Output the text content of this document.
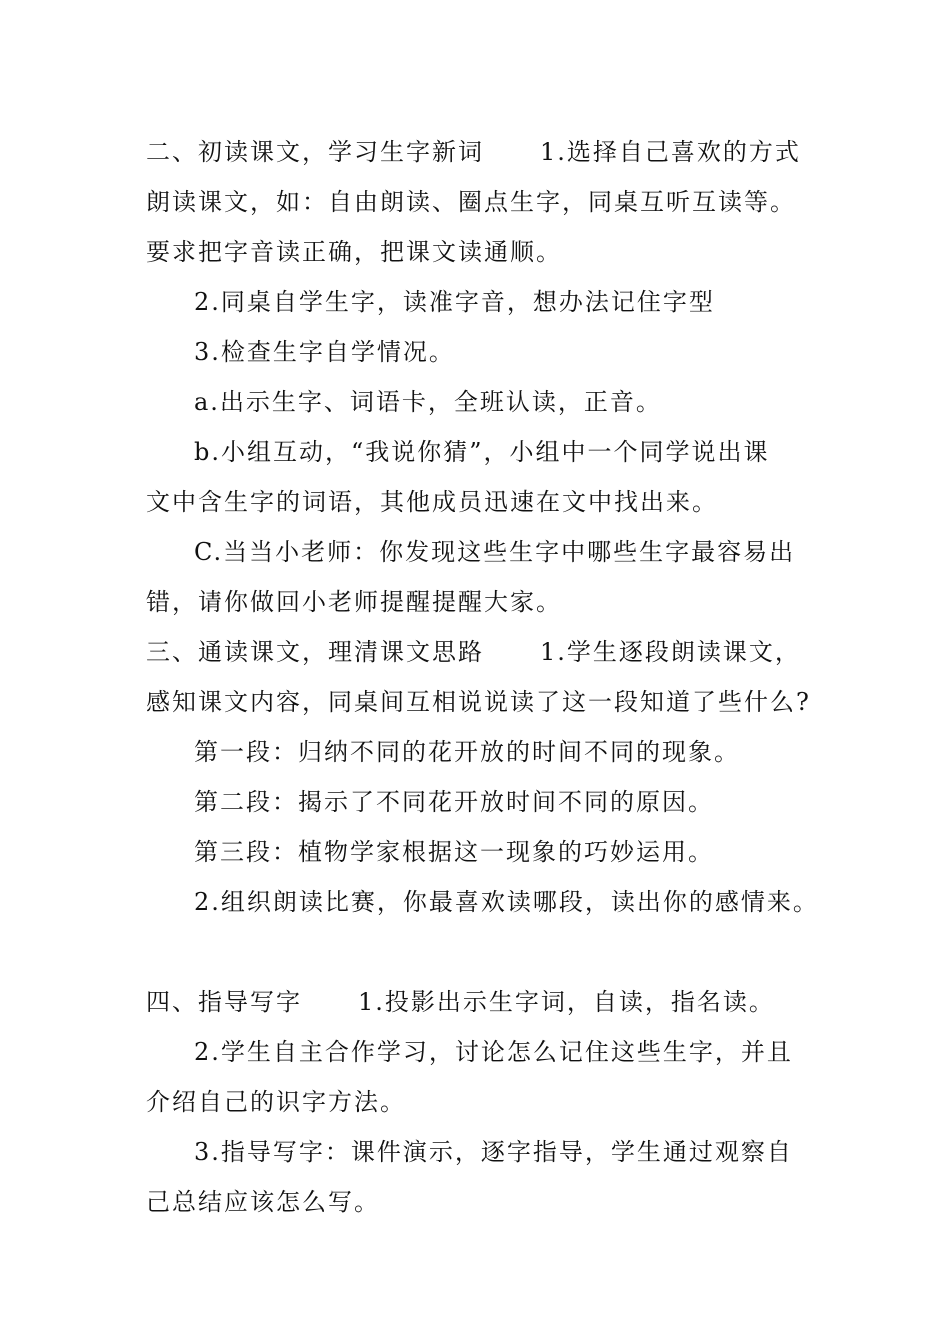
二、初读课文，学习生字新词 1.选择自己喜欢的方式
朗读课文，如：自由朗读、圈点生字，同桌互听互读等。
要求把字音读正确，把课文读通顺。
2.同桌自学生字，读准字音，想办法记住字型
3.检查生字自学情况。
a.出示生字、词语卡，全班认读，正音。
b.小组互动，“我说你猜”，小组中一个同学说出课
文中含生字的词语，其他成员迅速在文中找出来。
C.当当小老师：你发现这些生字中哪些生字最容易出
错，请你做回小老师提醒提醒大家。
三、通读课文，理清课文思路 1.学生逐段朗读课文，
感知课文内容，同桌间互相说说读了这一段知道了些什么?
第一段：归纳不同的花开放的时间不同的现象。
第二段：揭示了不同花开放时间不同的原因。
第三段：植物学家根据这一现象的巧妙运用。
2.组织朗读比赛，你最喜欢读哪段，读出你的感情来。
四、指导写字 1.投影出示生字词，自读，指名读。
2.学生自主合作学习，讨论怎么记住这些生字，并且
介绍自己的识字方法。
3.指导写字：课件演示，逐字指导，学生通过观察自
己总结应该怎么写。
